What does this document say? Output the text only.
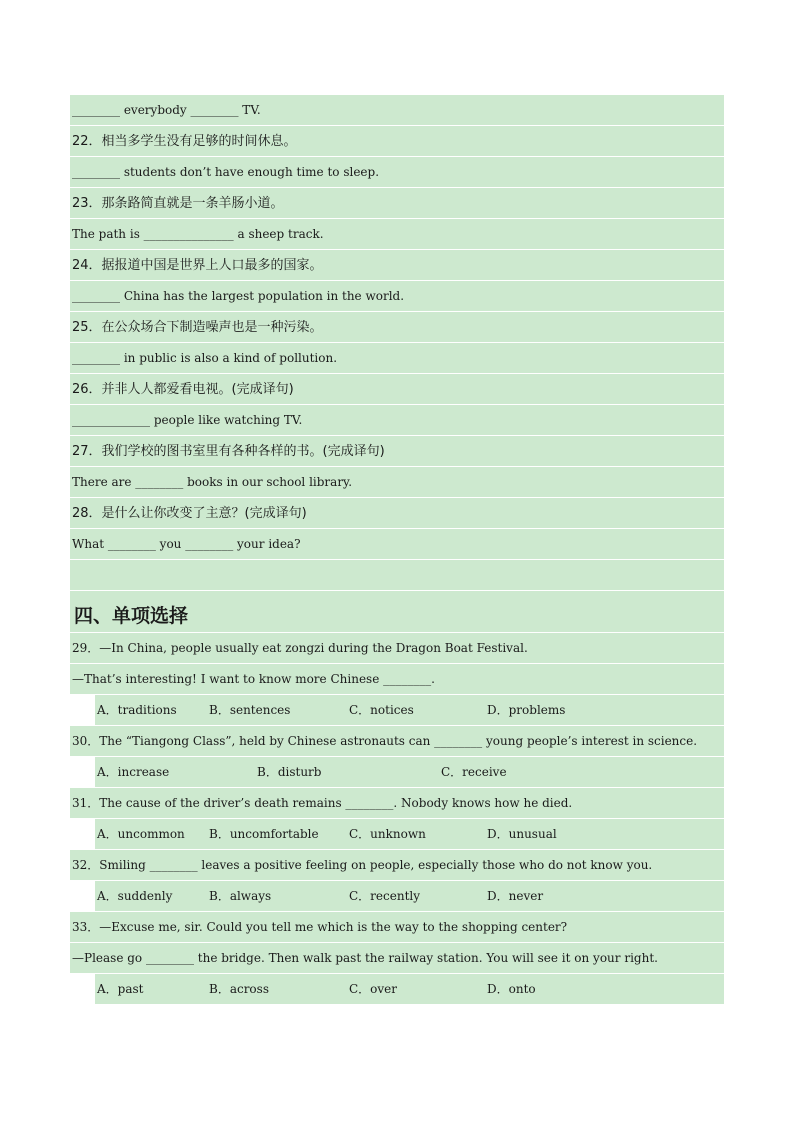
________ everybody ________ TV.
22．相当多学生没有足够的时间休息。
________ students don’t have enough time to sleep.
23．那条路简直就是一条羊肠小道。
The path is _______________ a sheep track.
24．据报道中国是世界上人口最多的国家。
________ China has the largest population in the world.
25．在公众场合下制造噪声也是一种污染。
________ in public is also a kind of pollution.
26．并非人人都爱看电视。(完成译句)
_____________ people like watching TV.
27．我们学校的图书室里有各种各样的书。(完成译句)
There are ________ books in our school library.
28．是什么让你改变了主意？(完成译句)
What ________ you ________ your idea?
四、单项选择
29．—In China, people usually eat zongzi during the Dragon Boat Festival.
—That’s interesting! I want to know more Chinese ________.
A．traditions	B．sentences	C．notices	D．problems
30．The “Tiangong Class”, held by Chinese astronauts can ________ young people’s interest in science.
A．increase	B．disturb	C．receive
31．The cause of the driver’s death remains ________. Nobody knows how he died.
A．uncommon B．uncomfortable	C．unknown	D．unusual
32．Smiling ________ leaves a positive feeling on people, especially those who do not know you.
A．suddenly	B．always	C．recently	D．never
33．—Excuse me, sir. Could you tell me which is the way to the shopping center?
—Please go ________ the bridge. Then walk past the railway station. You will see it on your right.
A．past	B．across	C．over	D．onto
